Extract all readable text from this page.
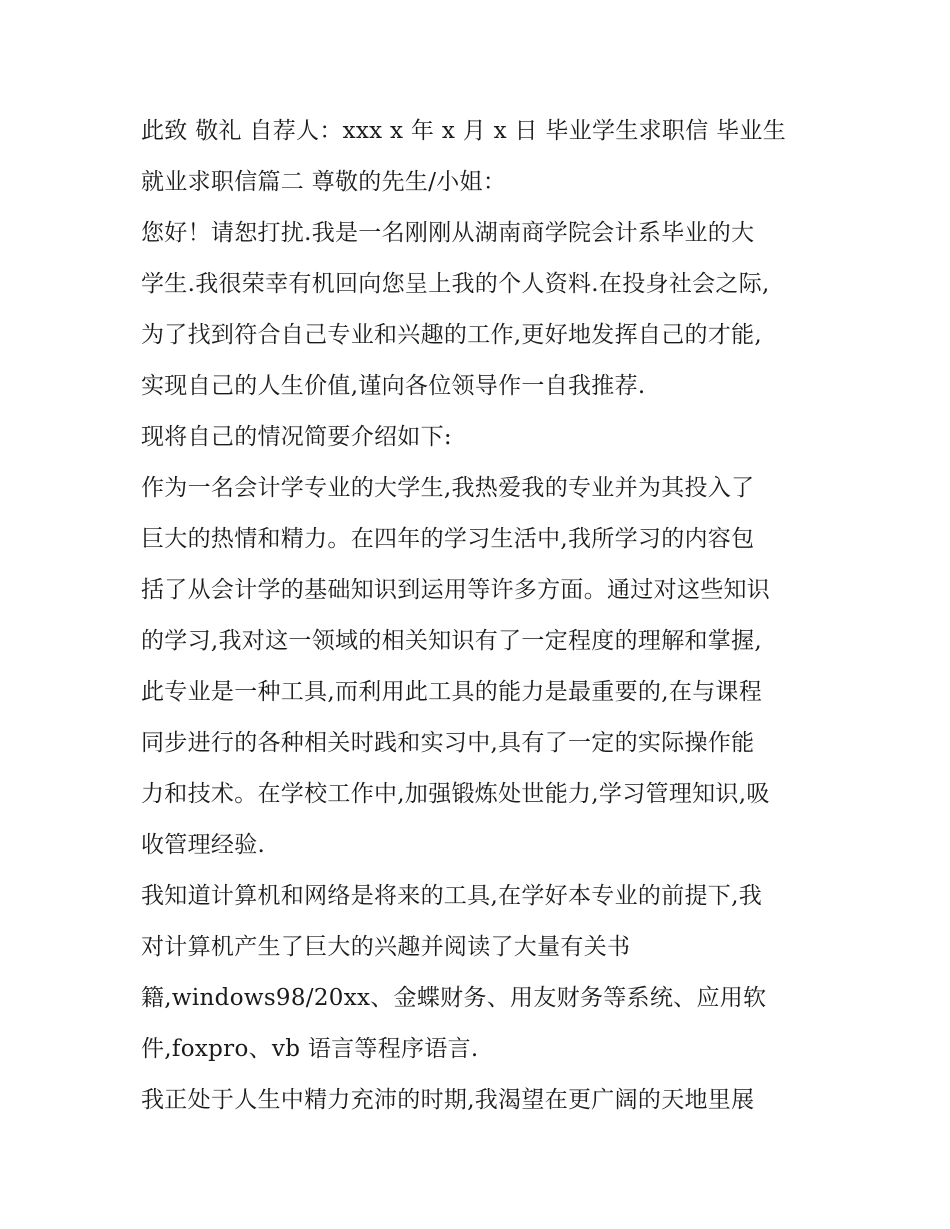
此致 敬礼 自荐人：xxx x 年 x 月 x 日 毕业学生求职信 毕业生
就业求职信篇二 尊敬的先生/小姐：
您好！请恕打扰.我是一名刚刚从湖南商学院会计系毕业的大
学生.我很荣幸有机回向您呈上我的个人资料.在投身社会之际,
为了找到符合自己专业和兴趣的工作,更好地发挥自己的才能,
实现自己的人生价值,谨向各位领导作一自我推荐.
现将自己的情况简要介绍如下:
作为一名会计学专业的大学生,我热爱我的专业并为其投入了
巨大的热情和精力。在四年的学习生活中,我所学习的内容包
括了从会计学的基础知识到运用等许多方面。通过对这些知识
的学习,我对这一领域的相关知识有了一定程度的理解和掌握,
此专业是一种工具,而利用此工具的能力是最重要的,在与课程
同步进行的各种相关时践和实习中,具有了一定的实际操作能
力和技术。在学校工作中,加强锻炼处世能力,学习管理知识,吸
收管理经验.
我知道计算机和网络是将来的工具,在学好本专业的前提下,我
对计算机产生了巨大的兴趣并阅读了大量有关书
籍,windows98/20xx、金蝶财务、用友财务等系统、应用软
件,foxpro、vb 语言等程序语言.
我正处于人生中精力充沛的时期,我渴望在更广阔的天地里展
